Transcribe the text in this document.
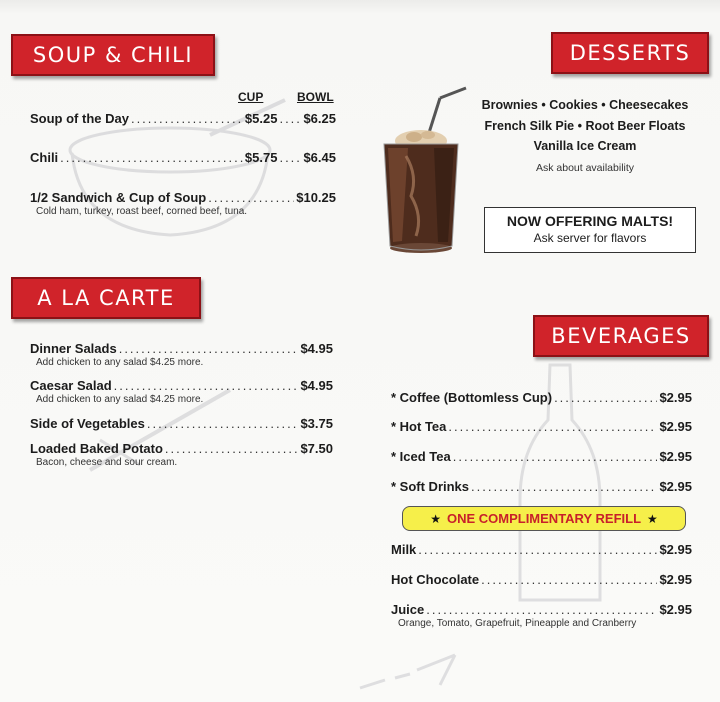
SOUP & CHILI
CUP	BOWL
Soup of the Day .....	$5.25 ..... $6.25
Chili .....	$5.75 ..... $6.45
1/2 Sandwich & Cup of Soup .....	$10.25
Cold ham, turkey, roast beef, corned beef, tuna.
A LA CARTE
Dinner Salads .....	$4.95
Add chicken to any salad $4.25 more.
Caesar Salad .....	$4.95
Add chicken to any salad $4.25 more.
Side of Vegetables .....	$3.75
Loaded Baked Potato .....	$7.50
Bacon, cheese and sour cream.
DESSERTS
Brownies • Cookies • Cheesecakes
French Silk Pie • Root Beer Floats
Vanilla Ice Cream
Ask about availability
NOW OFFERING MALTS!
Ask server for flavors
BEVERAGES
* Coffee (Bottomless Cup) .....	$2.95
* Hot Tea .....	$2.95
* Iced Tea .....	$2.95
* Soft Drinks .....	$2.95
★ ONE COMPLIMENTARY REFILL ★
Milk .....	$2.95
Hot Chocolate .....	$2.95
Juice .....	$2.95
Orange, Tomato, Grapefruit, Pineapple and Cranberry
